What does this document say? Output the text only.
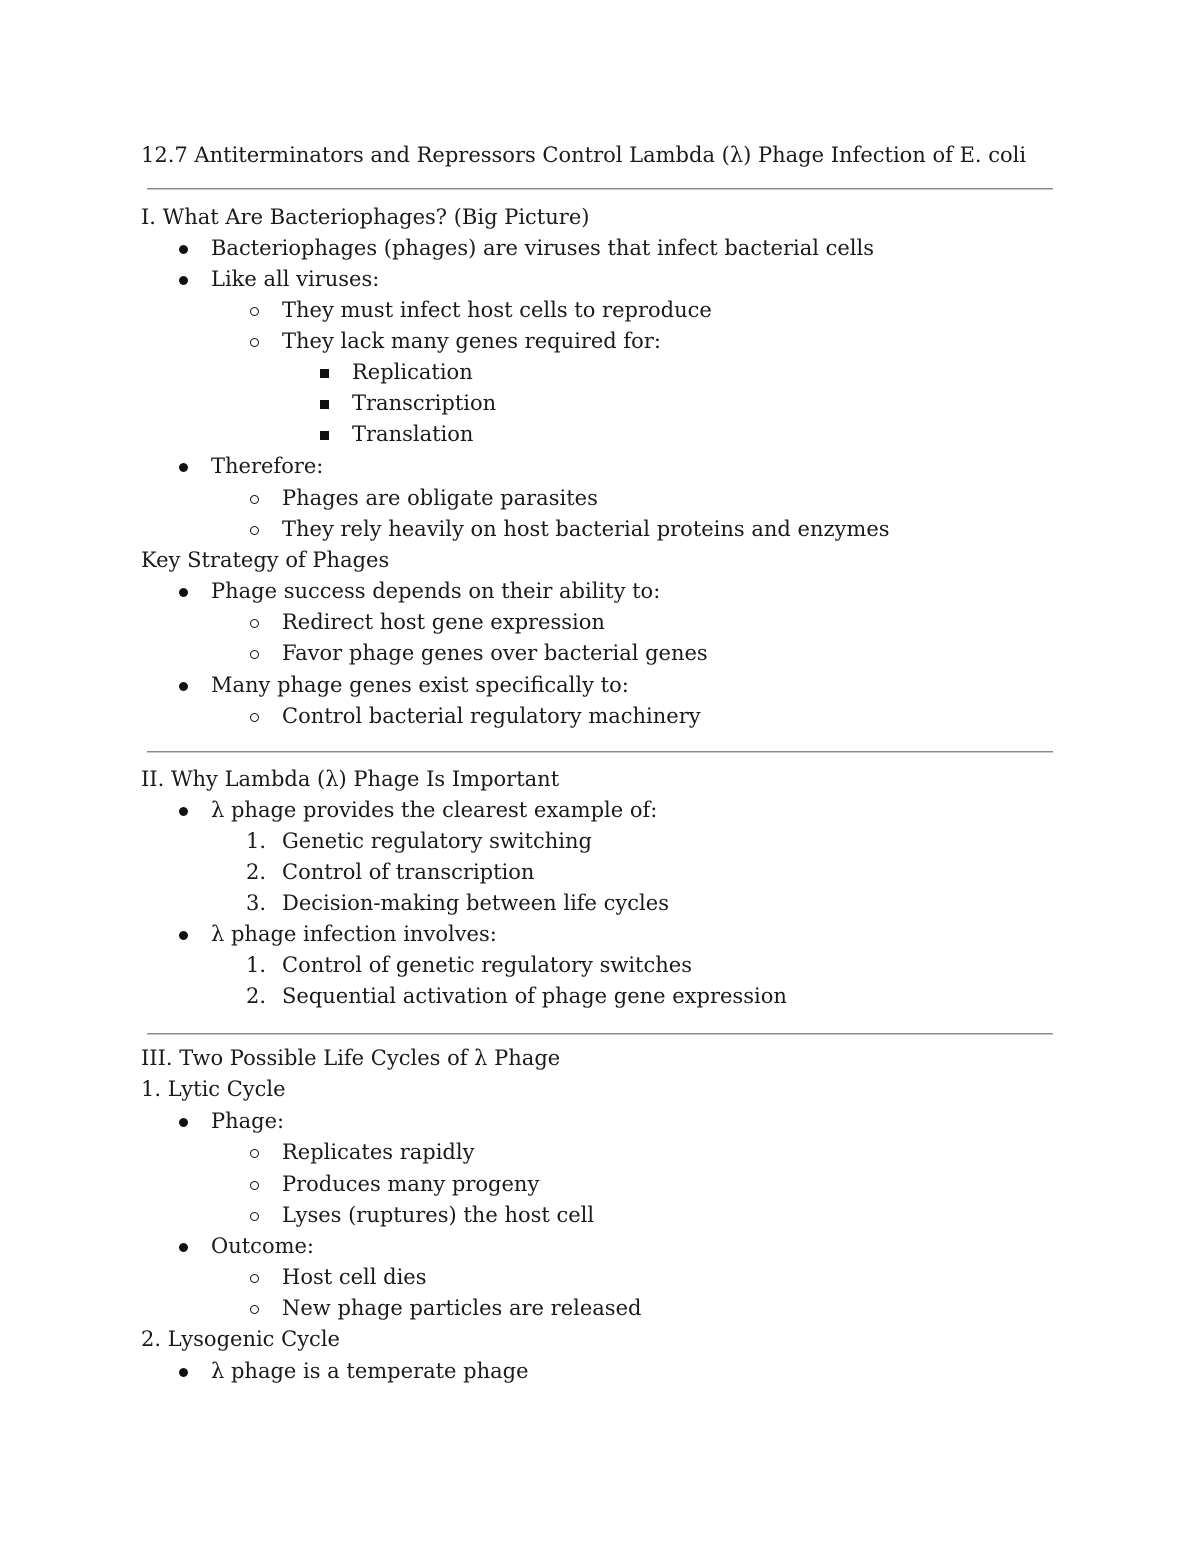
12.7 Antiterminators and Repressors Control Lambda (λ) Phage Infection of E. coli
I. What Are Bacteriophages? (Big Picture)
Bacteriophages (phages) are viruses that infect bacterial cells
Like all viruses:
They must infect host cells to reproduce
They lack many genes required for:
Replication
Transcription
Translation
Therefore:
Phages are obligate parasites
They rely heavily on host bacterial proteins and enzymes
Key Strategy of Phages
Phage success depends on their ability to:
Redirect host gene expression
Favor phage genes over bacterial genes
Many phage genes exist specifically to:
Control bacterial regulatory machinery
II. Why Lambda (λ) Phage Is Important
λ phage provides the clearest example of:
1. Genetic regulatory switching
2. Control of transcription
3. Decision-making between life cycles
λ phage infection involves:
1. Control of genetic regulatory switches
2. Sequential activation of phage gene expression
III. Two Possible Life Cycles of λ Phage
1. Lytic Cycle
Phage:
Replicates rapidly
Produces many progeny
Lyses (ruptures) the host cell
Outcome:
Host cell dies
New phage particles are released
2. Lysogenic Cycle
λ phage is a temperate phage
